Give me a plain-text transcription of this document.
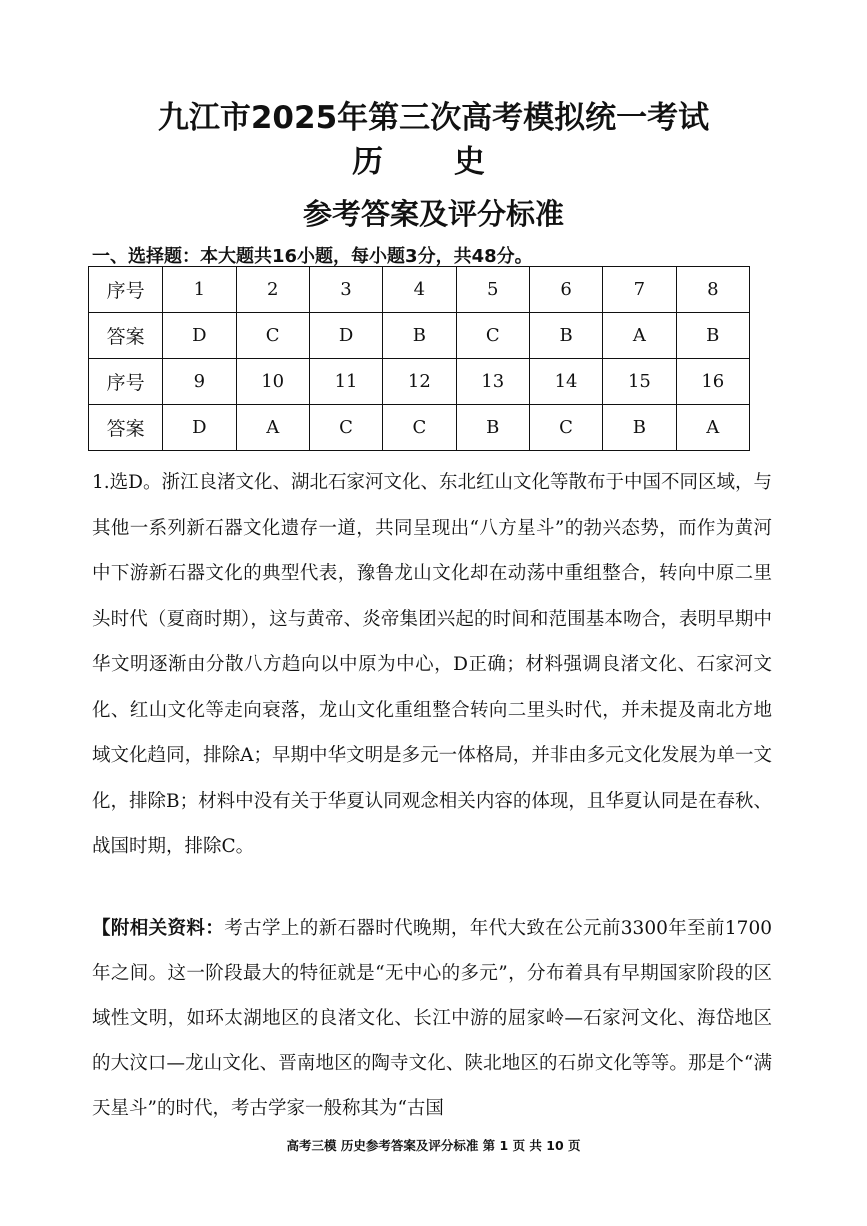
九江市2025年第三次高考模拟统一考试
历 史
参考答案及评分标准
一、选择题：本大题共16小题，每小题3分，共48分。
序号	1	2	3	4	5	6	7	8
答案	D	C	D	B	C	B	A	B
序号	9	10	11	12	13	14	15	16
答案	D	A	C	C	B	C	B	A
1.选D。浙江良渚文化、湖北石家河文化、东北红山文化等散布于中国不同区域，与其他一系列新石器文化遗存一道，共同呈现出“八方星斗”的勃兴态势，而作为黄河中下游新石器文化的典型代表，豫鲁龙山文化却在动荡中重组整合，转向中原二里头时代（夏商时期），这与黄帝、炎帝集团兴起的时间和范围基本吻合，表明早期中华文明逐渐由分散八方趋向以中原为中心，D正确；材料强调良渚文化、石家河文化、红山文化等走向衰落，龙山文化重组整合转向二里头时代，并未提及南北方地域文化趋同，排除A；早期中华文明是多元一体格局，并非由多元文化发展为单一文化，排除B；材料中没有关于华夏认同观念相关内容的体现，且华夏认同是在春秋、战国时期，排除C。
【附相关资料：考古学上的新石器时代晚期，年代大致在公元前3300年至前1700年之间。这一阶段最大的特征就是“无中心的多元”，分布着具有早期国家阶段的区域性文明，如环太湖地区的良渚文化、长江中游的屈家岭—石家河文化、海岱地区的大汶口—龙山文化、晋南地区的陶寺文化、陕北地区的石峁文化等等。那是个“满天星斗”的时代，考古学家一般称其为“古国
高考三模 历史参考答案及评分标准 第 1 页 共 10 页
